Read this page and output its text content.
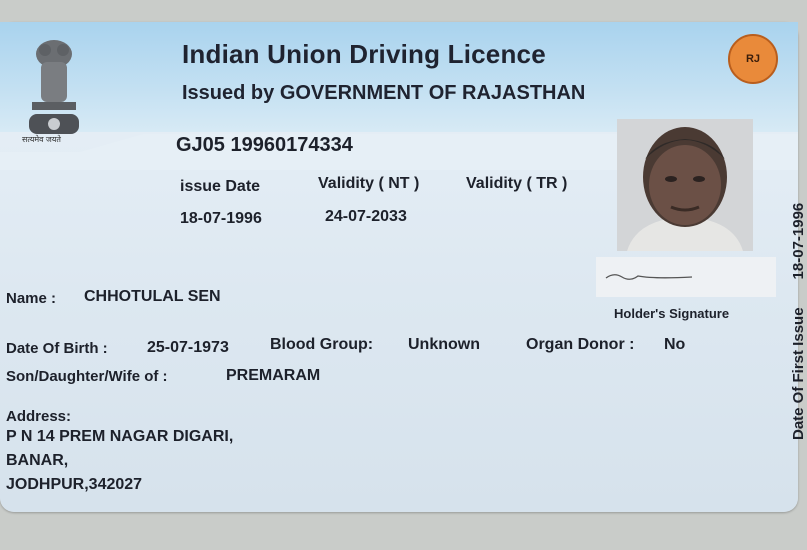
सत्यमेव जयते
Indian Union Driving Licence
Issued by GOVERNMENT OF RAJASTHAN
RJ
GJ05 19960174334
issue Date	Validity ( NT )	Validity ( TR )
18-07-1996	24-07-2033
Holder's Signature
Name : CHHOTULAL SEN
Date Of Birth : 25-07-1973	Blood Group: Unknown	Organ Donor : No
Son/Daughter/Wife of :	PREMARAM
Address:
P N 14 PREM NAGAR DIGARI,
BANAR,
JODHPUR,342027
Date Of First Issue18-07-1996
